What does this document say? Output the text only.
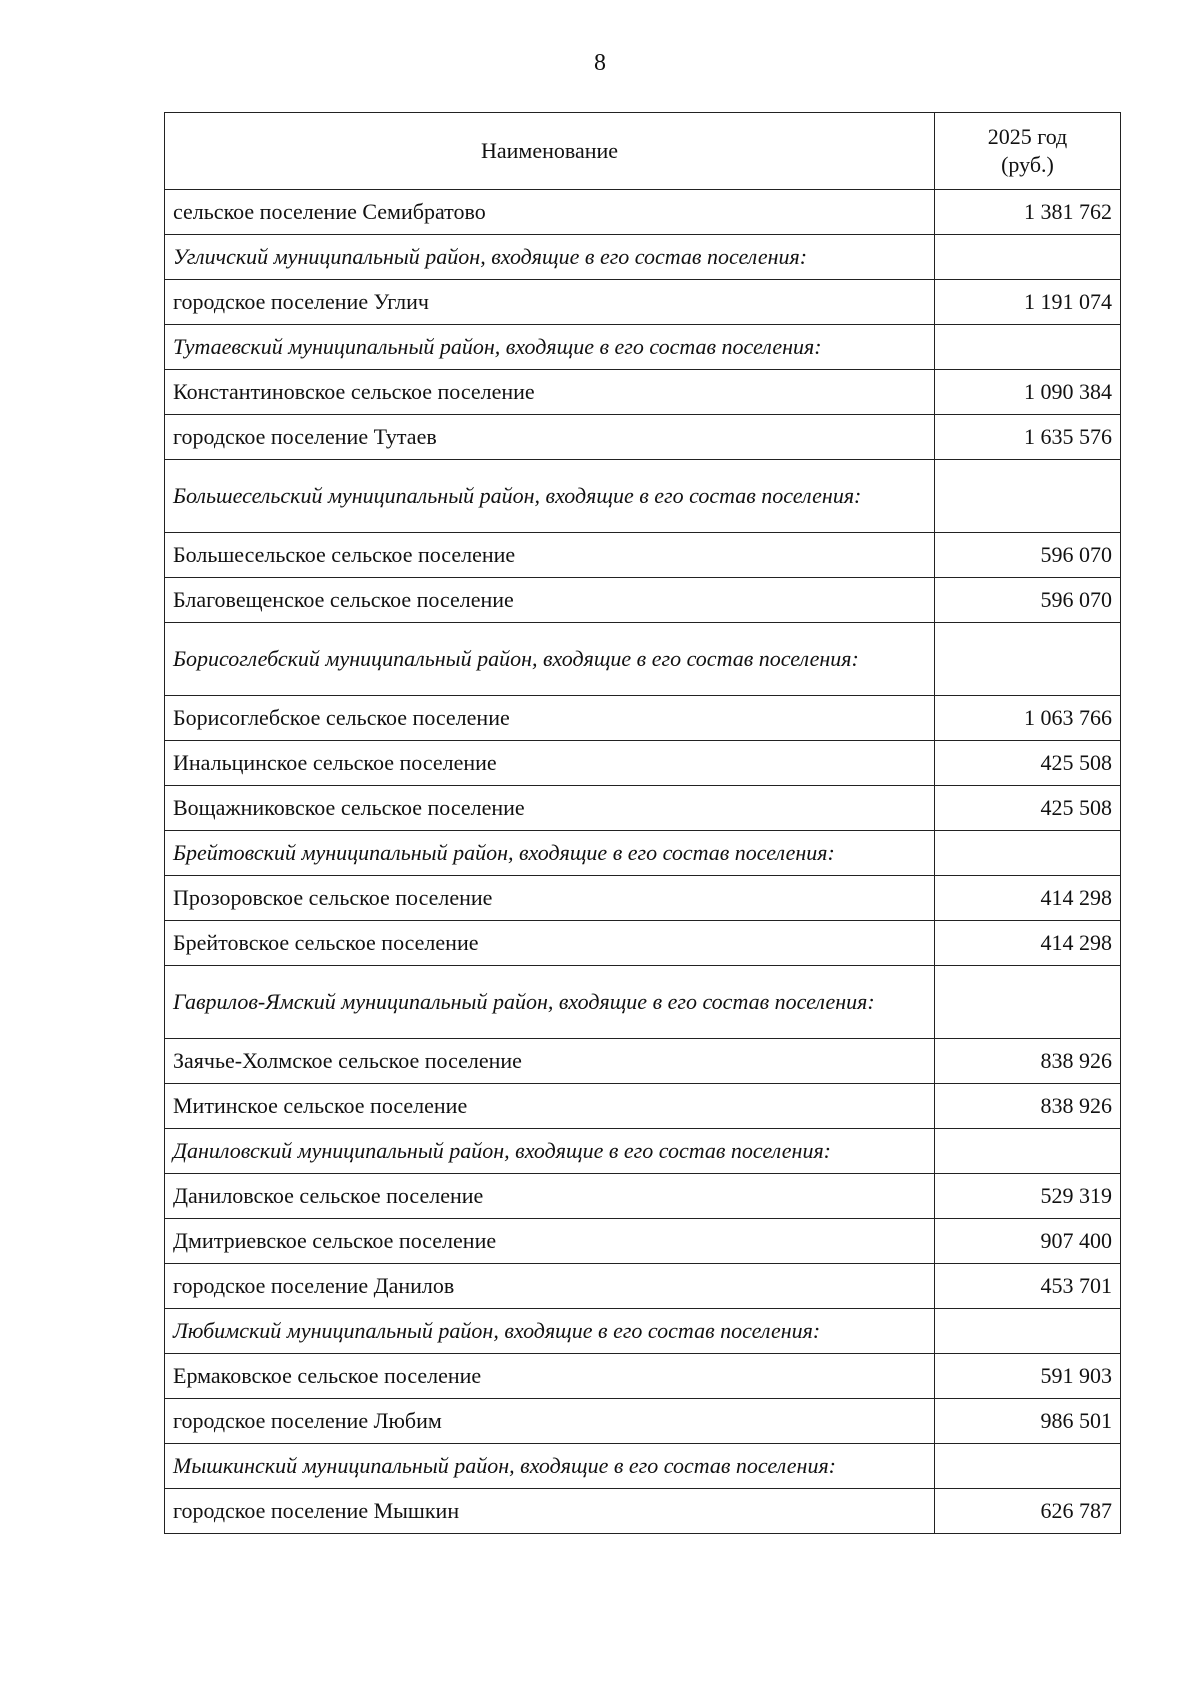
8
Наименование	2025 год
(руб.)

сельское поселение Семибратово	1 381 762
Угличский муниципальный район, входящие в его состав поселения:	
городское поселение Углич	1 191 074
Тутаевский муниципальный район, входящие в его состав поселения:	
Константиновское сельское поселение	1 090 384
городское поселение Тутаев	1 635 576
Большесельский муниципальный район, входящие в его состав поселения:	
Большесельское сельское поселение	596 070
Благовещенское сельское поселение	596 070
Борисоглебский муниципальный район, входящие в его состав поселения:	
Борисоглебское сельское поселение	1 063 766
Инальцинское сельское поселение	425 508
Вощажниковское сельское поселение	425 508
Брейтовский муниципальный район, входящие в его состав поселения:	
Прозоровское сельское поселение	414 298
Брейтовское сельское поселение	414 298
Гаврилов-Ямский муниципальный район, входящие в его состав поселения:	
Заячье-Холмское сельское поселение	838 926
Митинское сельское поселение	838 926
Даниловский муниципальный район, входящие в его состав поселения:	
Даниловское сельское поселение	529 319
Дмитриевское сельское поселение	907 400
городское поселение Данилов	453 701
Любимский муниципальный район, входящие в его состав поселения:	
Ермаковское сельское поселение	591 903
городское поселение Любим	986 501
Мышкинский муниципальный район, входящие в его состав поселения:	
городское поселение Мышкин	626 787
